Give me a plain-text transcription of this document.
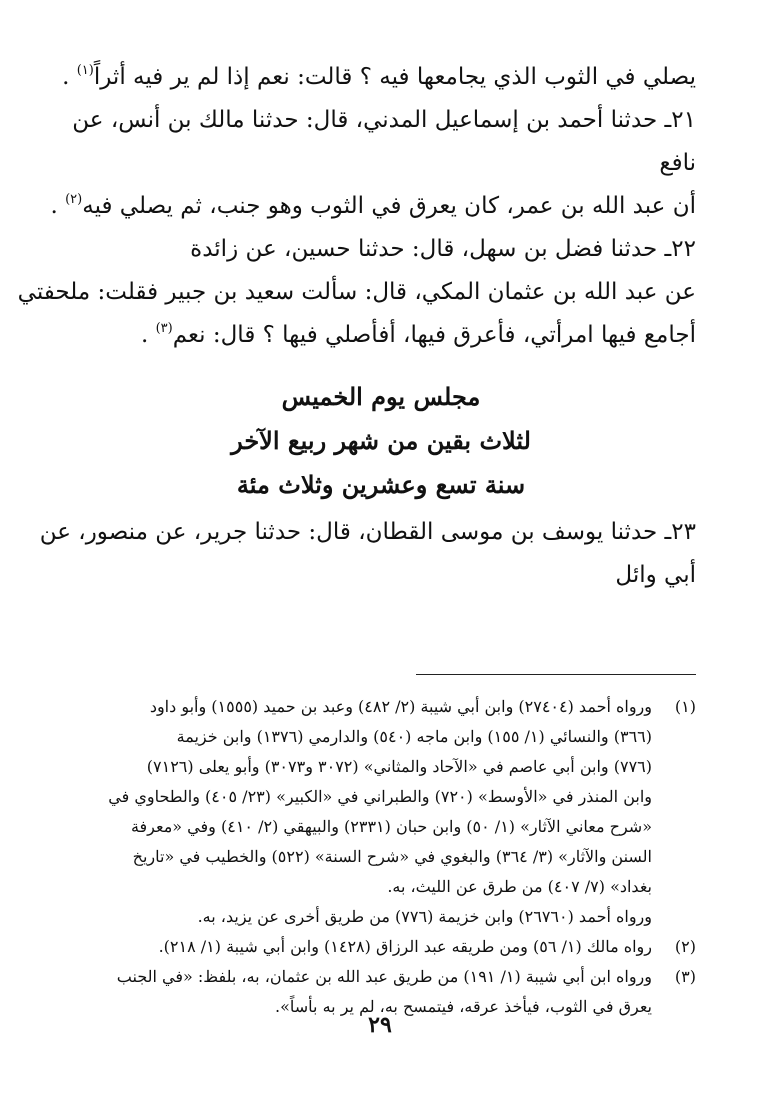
يصلي في الثوب الذي يجامعها فيه ؟ قالت: نعم إذا لم ير فيه أثراً$^{(١)}$ .

٢١ـ حدثنا أحمد بن إسماعيل المدني، قال: حدثنا مالك بن أنس، عن

نافع

أن عبد الله بن عمر، كان يعرق في الثوب وهو جنب، ثم يصلي فيه$^{(٢)}$ .

٢٢ـ حدثنا فضل بن سهل، قال: حدثنا حسين، عن زائدة

عن عبد الله بن عثمان المكي، قال: سألت سعيد بن جبير فقلت: ملحفتي

أجامع فيها امرأتي، فأعرق فيها، أفأصلي فيها ؟ قال: نعم$^{(٣)}$ .

مجلس يوم الخميس
لثلاث بقين من شهر ربيع الآخر
سنة تسع وعشرين وثلاث مئة

٢٣ـ حدثنا يوسف بن موسى القطان، قال: حدثنا جرير، عن منصور، عن

أبي وائل

(١)

ورواه أحمد (٢٧٤٠٤) وابن أبي شيبة (٢/ ٤٨٢) وعبد بن حميد (١٥٥٥) وأبو داود

(٣٦٦) والنسائي (١/ ١٥٥) وابن ماجه (٥٤٠) والدارمي (١٣٧٦) وابن خزيمة

(٧٧٦) وابن أبي عاصم في «الآحاد والمثاني» (٣٠٧٢ و٣٠٧٣) وأبو يعلى (٧١٢٦)

وابن المنذر في «الأوسط» (٧٢٠) والطبراني في «الكبير» (٢٣/ ٤٠٥) والطحاوي في

«شرح معاني الآثار» (١/ ٥٠) وابن حبان (٢٣٣١) والبيهقي (٢/ ٤١٠) وفي «معرفة

السنن والآثار» (٣/ ٣٦٤) والبغوي في «شرح السنة» (٥٢٢) والخطيب في «تاريخ

بغداد» (٧/ ٤٠٧) من طرق عن الليث، به.

ورواه أحمد (٢٦٧٦٠) وابن خزيمة (٧٧٦) من طريق أخرى عن يزيد، به.

(٢)

رواه مالك (١/ ٥٦) ومن طريقه عبد الرزاق (١٤٢٨) وابن أبي شيبة (١/ ٢١٨).

(٣)

ورواه ابن أبي شيبة (١/ ١٩١) من طريق عبد الله بن عثمان، به، بلفظ: «في الجنب

يعرق في الثوب، فيأخذ عرقه، فيتمسح به، لم ير به بأساً».

٢٩
